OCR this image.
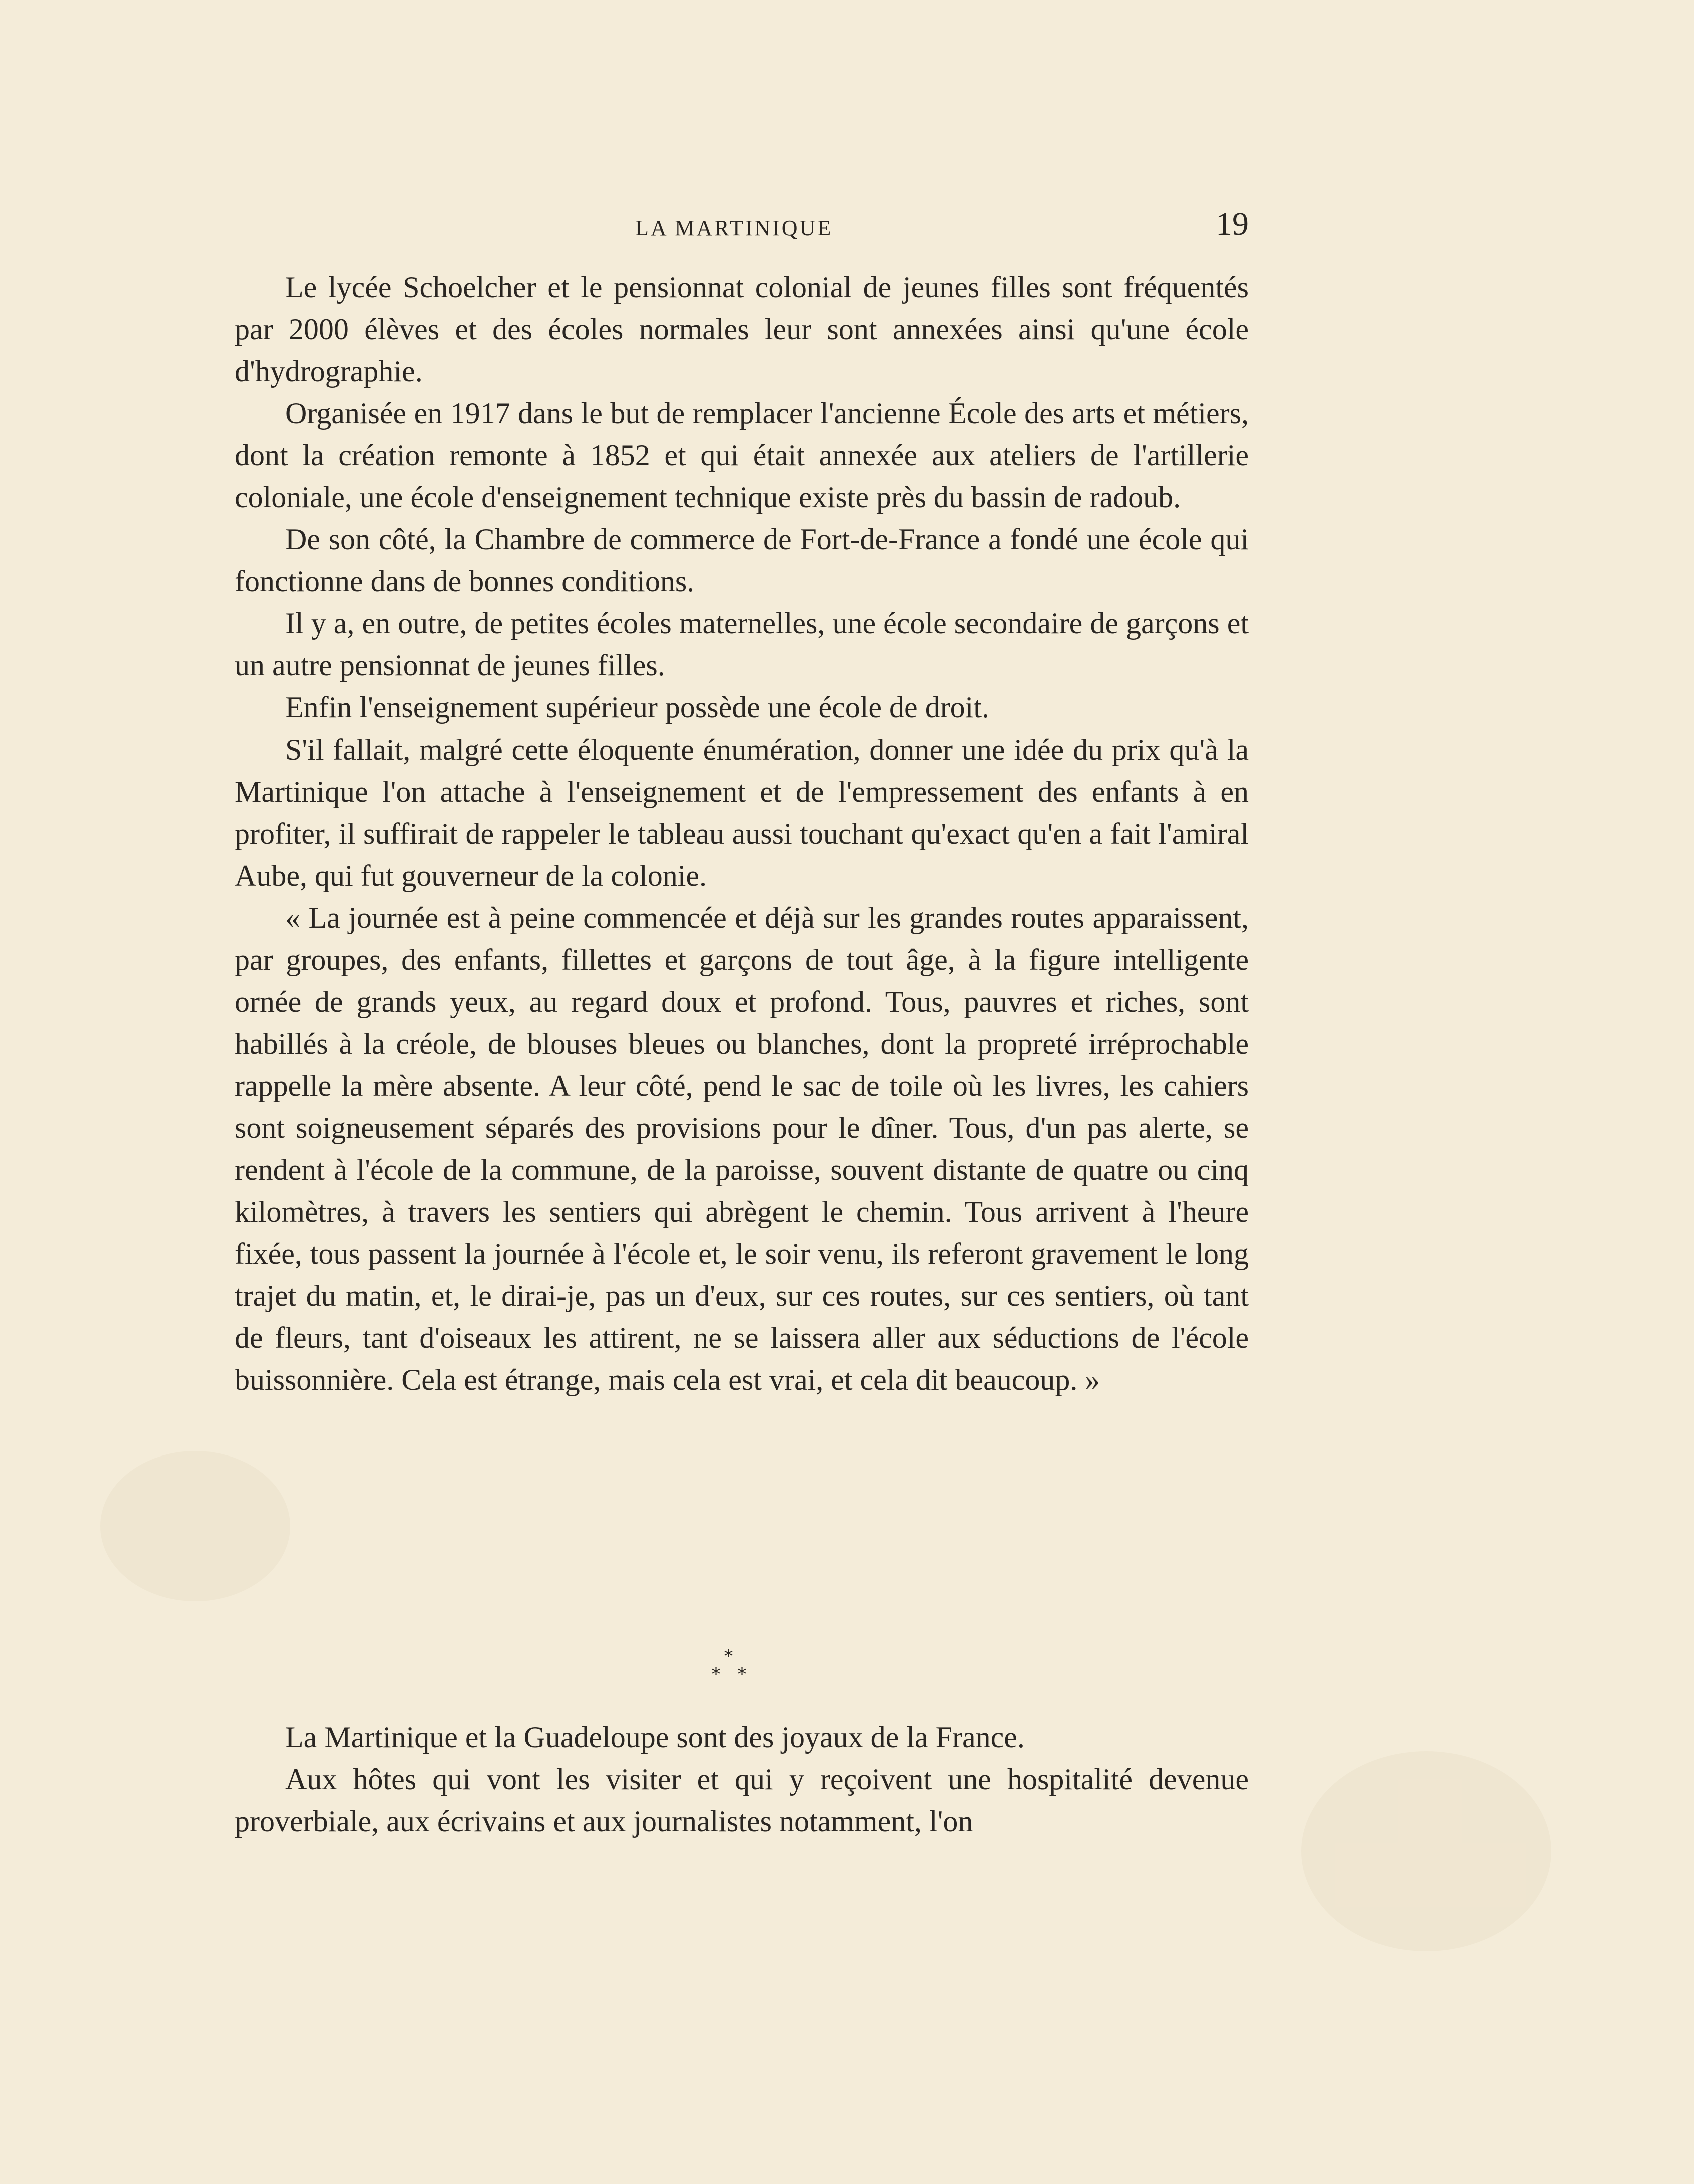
LA MARTINIQUE	19

Le lycée Schoelcher et le pensionnat colonial de jeunes filles sont fréquentés par 2000 élèves et des écoles normales leur sont annexées ainsi qu'une école d'hydrographie.

Organisée en 1917 dans le but de remplacer l'ancienne École des arts et métiers, dont la création remonte à 1852 et qui était annexée aux ateliers de l'artillerie coloniale, une école d'enseignement technique existe près du bassin de radoub.

De son côté, la Chambre de commerce de Fort-de-France a fondé une école qui fonctionne dans de bonnes conditions.

Il y a, en outre, de petites écoles maternelles, une école secondaire de garçons et un autre pensionnat de jeunes filles.

Enfin l'enseignement supérieur possède une école de droit.

S'il fallait, malgré cette éloquente énumération, donner une idée du prix qu'à la Martinique l'on attache à l'enseignement et de l'empressement des enfants à en profiter, il suffirait de rappeler le tableau aussi touchant qu'exact qu'en a fait l'amiral Aube, qui fut gouverneur de la colonie.

« La journée est à peine commencée et déjà sur les grandes routes apparaissent, par groupes, des enfants, fillettes et garçons de tout âge, à la figure intelligente ornée de grands yeux, au regard doux et profond. Tous, pauvres et riches, sont habillés à la créole, de blouses bleues ou blanches, dont la propreté irréprochable rappelle la mère absente. A leur côté, pend le sac de toile où les livres, les cahiers sont soigneusement séparés des provisions pour le dîner. Tous, d'un pas alerte, se rendent à l'école de la commune, de la paroisse, souvent distante de quatre ou cinq kilomètres, à travers les sentiers qui abrègent le chemin. Tous arrivent à l'heure fixée, tous passent la journée à l'école et, le soir venu, ils referont gravement le long trajet du matin, et, le dirai-je, pas un d'eux, sur ces routes, sur ces sentiers, où tant de fleurs, tant d'oiseaux les attirent, ne se laissera aller aux séductions de l'école buissonnière. Cela est étrange, mais cela est vrai, et cela dit beaucoup. »

*
* *

La Martinique et la Guadeloupe sont des joyaux de la France.

Aux hôtes qui vont les visiter et qui y reçoivent une hospitalité devenue proverbiale, aux écrivains et aux journalistes notamment, l'on
